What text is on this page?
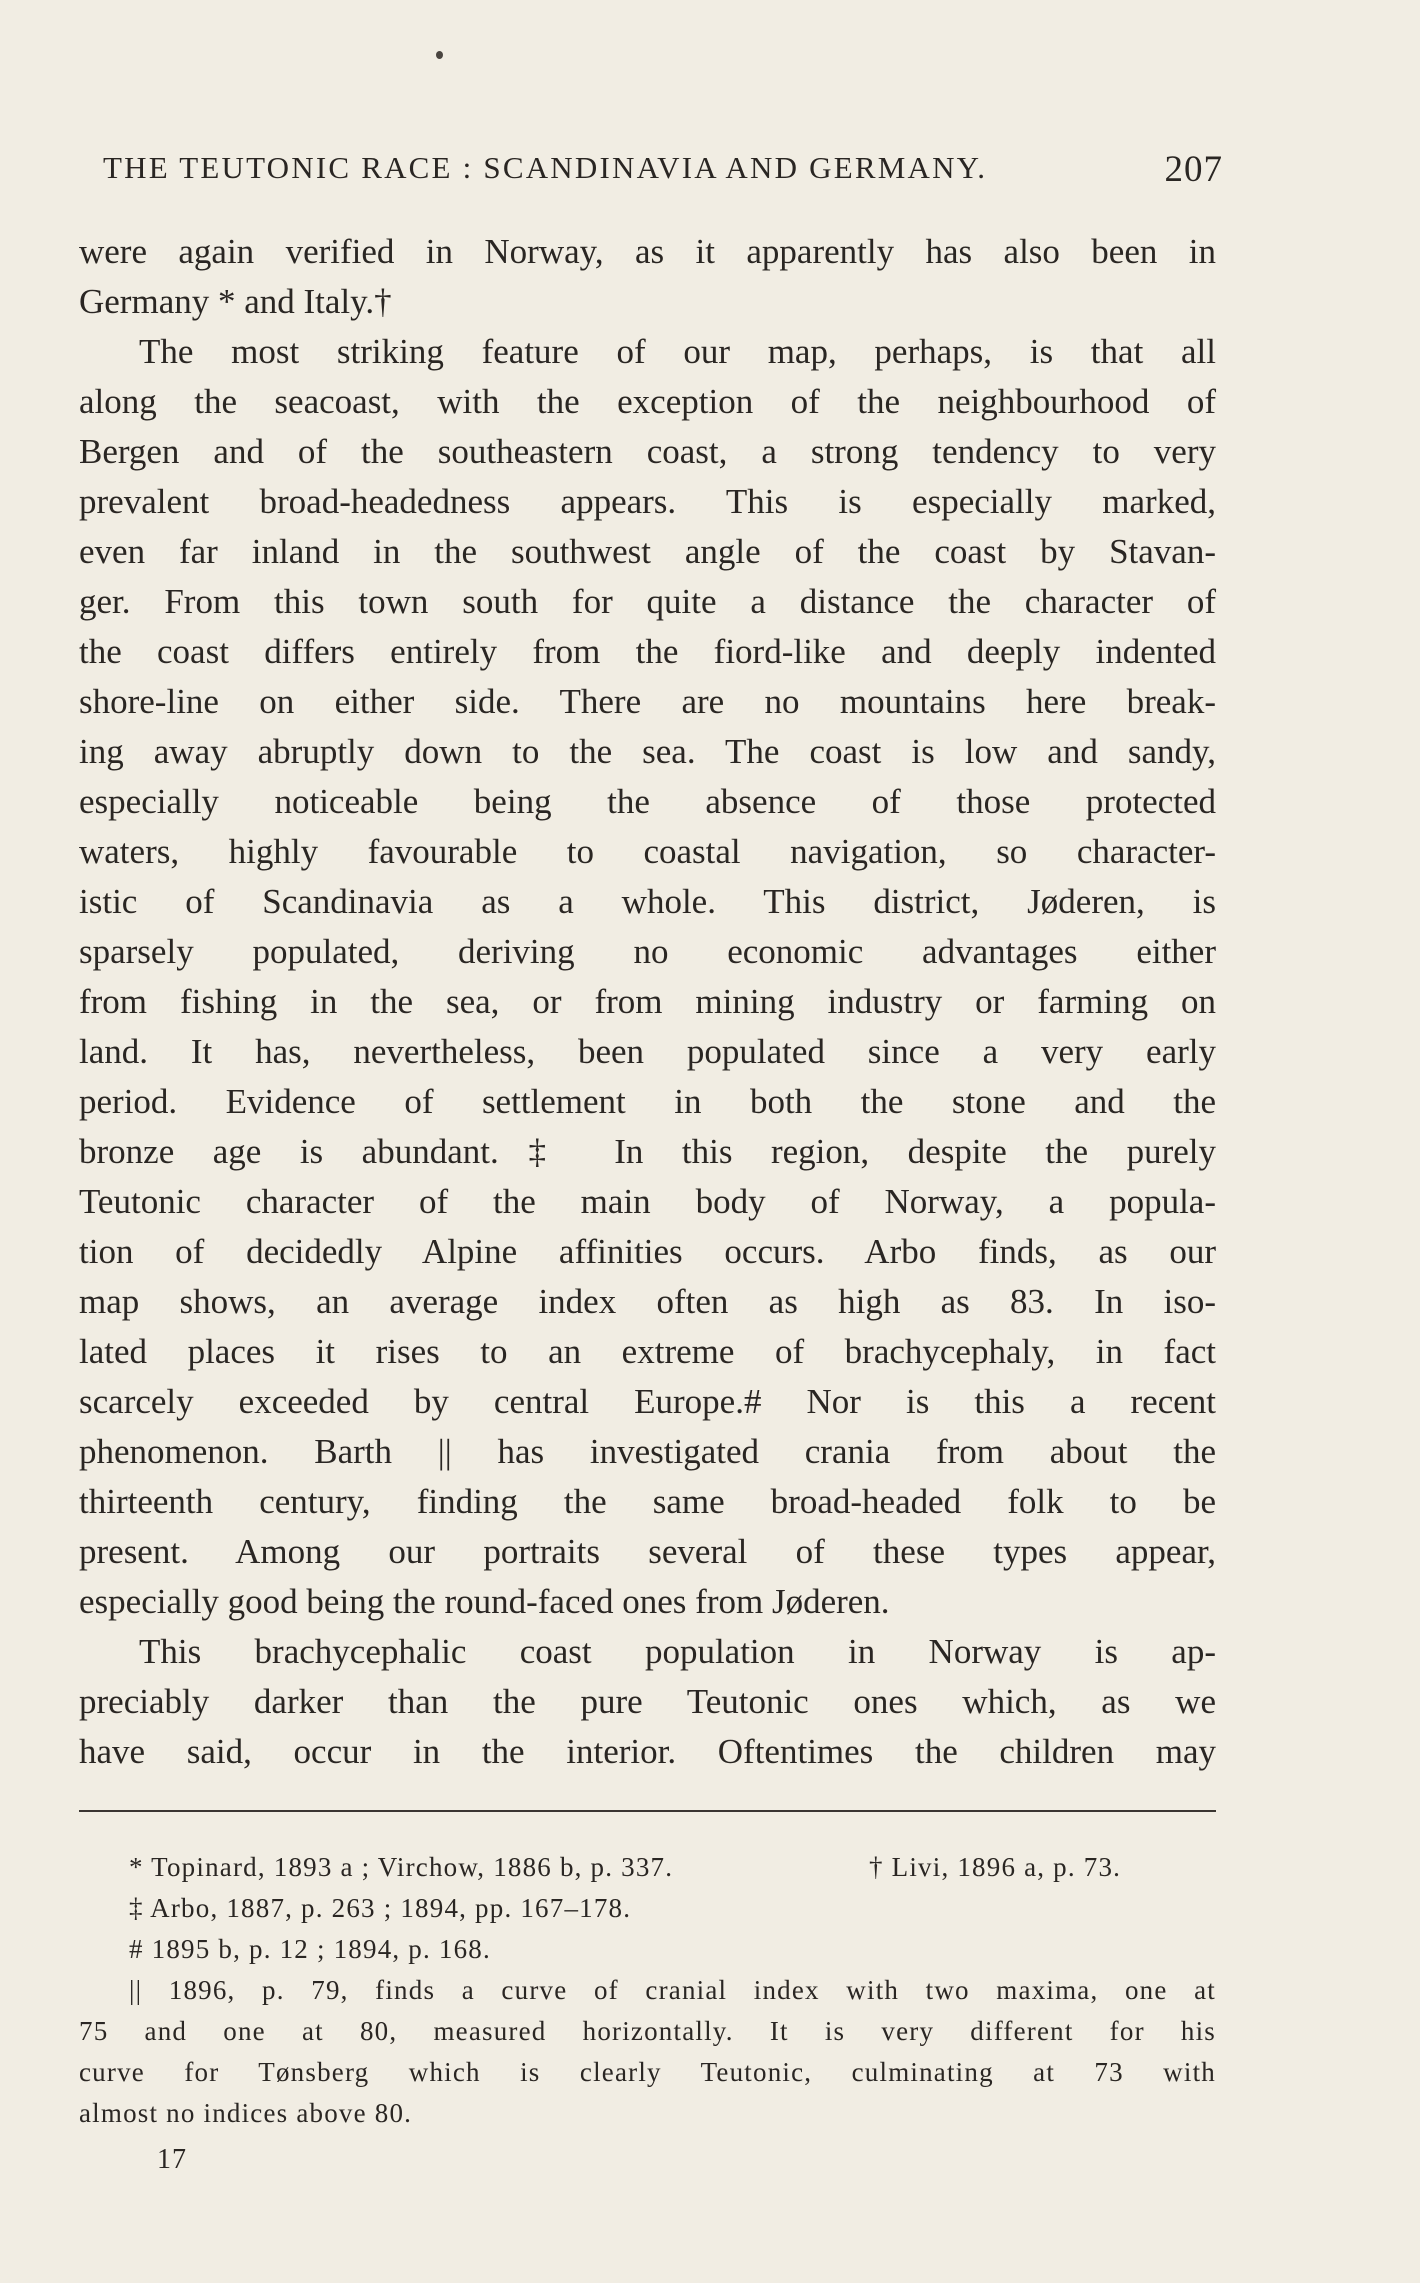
THE TEUTONIC RACE : SCANDINAVIA AND GERMANY.	207
were again verified in Norway, as it apparently has also been in
Germany * and Italy.†
The most striking feature of our map, perhaps, is that all
along the seacoast, with the exception of the neighbourhood of
Bergen and of the southeastern coast, a strong tendency to very
prevalent broad-headedness appears. This is especially marked,
even far inland in the southwest angle of the coast by Stavan-
ger. From this town south for quite a distance the character of
the coast differs entirely from the fiord-like and deeply indented
shore-line on either side. There are no mountains here break-
ing away abruptly down to the sea. The coast is low and sandy,
especially noticeable being the absence of those protected
waters, highly favourable to coastal navigation, so character-
istic of Scandinavia as a whole. This district, Jøderen, is
sparsely populated, deriving no economic advantages either
from fishing in the sea, or from mining industry or farming on
land. It has, nevertheless, been populated since a very early
period. Evidence of settlement in both the stone and the
bronze age is abundant.‡ In this region, despite the purely
Teutonic character of the main body of Norway, a popula-
tion of decidedly Alpine affinities occurs. Arbo finds, as our
map shows, an average index often as high as 83. In iso-
lated places it rises to an extreme of brachycephaly, in fact
scarcely exceeded by central Europe.# Nor is this a recent
phenomenon. Barth || has investigated crania from about the
thirteenth century, finding the same broad-headed folk to be
present. Among our portraits several of these types appear,
especially good being the round-faced ones from Jøderen.
This brachycephalic coast population in Norway is ap-
preciably darker than the pure Teutonic ones which, as we
have said, occur in the interior. Oftentimes the children may
* Topinard, 1893 a ; Virchow, 1886 b, p. 337.	† Livi, 1896 a, p. 73.
‡ Arbo, 1887, p. 263 ; 1894, pp. 167–178.
# 1895 b, p. 12 ; 1894, p. 168.
|| 1896, p. 79, finds a curve of cranial index with two maxima, one at
75 and one at 80, measured horizontally. It is very different for his
curve for Tønsberg which is clearly Teutonic, culminating at 73 with
almost no indices above 80.
17
